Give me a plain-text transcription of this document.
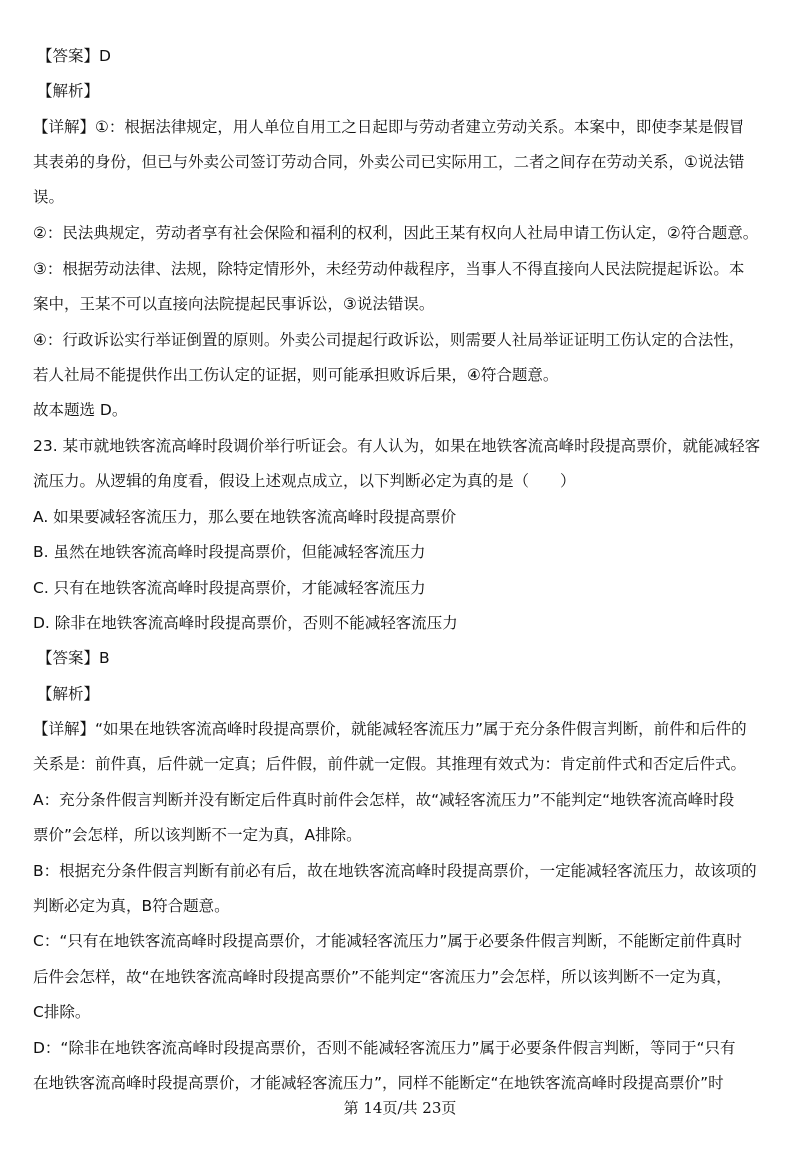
【答案】D
【解析】
【详解】①：根据法律规定，用人单位自用工之日起即与劳动者建立劳动关系。本案中，即使李某是假冒
其表弟的身份，但已与外卖公司签订劳动合同，外卖公司已实际用工，二者之间存在劳动关系，①说法错
误。
②：民法典规定，劳动者享有社会保险和福利的权利，因此王某有权向人社局申请工伤认定，②符合题意。
③：根据劳动法律、法规，除特定情形外，未经劳动仲裁程序，当事人不得直接向人民法院提起诉讼。本
案中，王某不可以直接向法院提起民事诉讼，③说法错误。
④：行政诉讼实行举证倒置的原则。外卖公司提起行政诉讼，则需要人社局举证证明工伤认定的合法性，
若人社局不能提供作出工伤认定的证据，则可能承担败诉后果，④符合题意。
故本题选 D。
23. 某市就地铁客流高峰时段调价举行听证会。有人认为，如果在地铁客流高峰时段提高票价，就能减轻客
流压力。从逻辑的角度看，假设上述观点成立，以下判断必定为真的是（　　）
A. 如果要减轻客流压力，那么要在地铁客流高峰时段提高票价
B. 虽然在地铁客流高峰时段提高票价，但能减轻客流压力
C. 只有在地铁客流高峰时段提高票价，才能减轻客流压力
D. 除非在地铁客流高峰时段提高票价，否则不能减轻客流压力
【答案】B
【解析】
【详解】“如果在地铁客流高峰时段提高票价，就能减轻客流压力”属于充分条件假言判断，前件和后件的
关系是：前件真，后件就一定真；后件假，前件就一定假。其推理有效式为：肯定前件式和否定后件式。
A：充分条件假言判断并没有断定后件真时前件会怎样，故“减轻客流压力”不能判定“地铁客流高峰时段
票价”会怎样，所以该判断不一定为真，A排除。
B：根据充分条件假言判断有前必有后，故在地铁客流高峰时段提高票价，一定能减轻客流压力，故该项的
判断必定为真，B符合题意。
C：“只有在地铁客流高峰时段提高票价，才能减轻客流压力”属于必要条件假言判断，不能断定前件真时
后件会怎样，故“在地铁客流高峰时段提高票价”不能判定“客流压力”会怎样，所以该判断不一定为真，
C排除。
D：“除非在地铁客流高峰时段提高票价，否则不能减轻客流压力”属于必要条件假言判断，等同于“只有
在地铁客流高峰时段提高票价，才能减轻客流压力”，同样不能断定“在地铁客流高峰时段提高票价”时
第 14页/共 23页
